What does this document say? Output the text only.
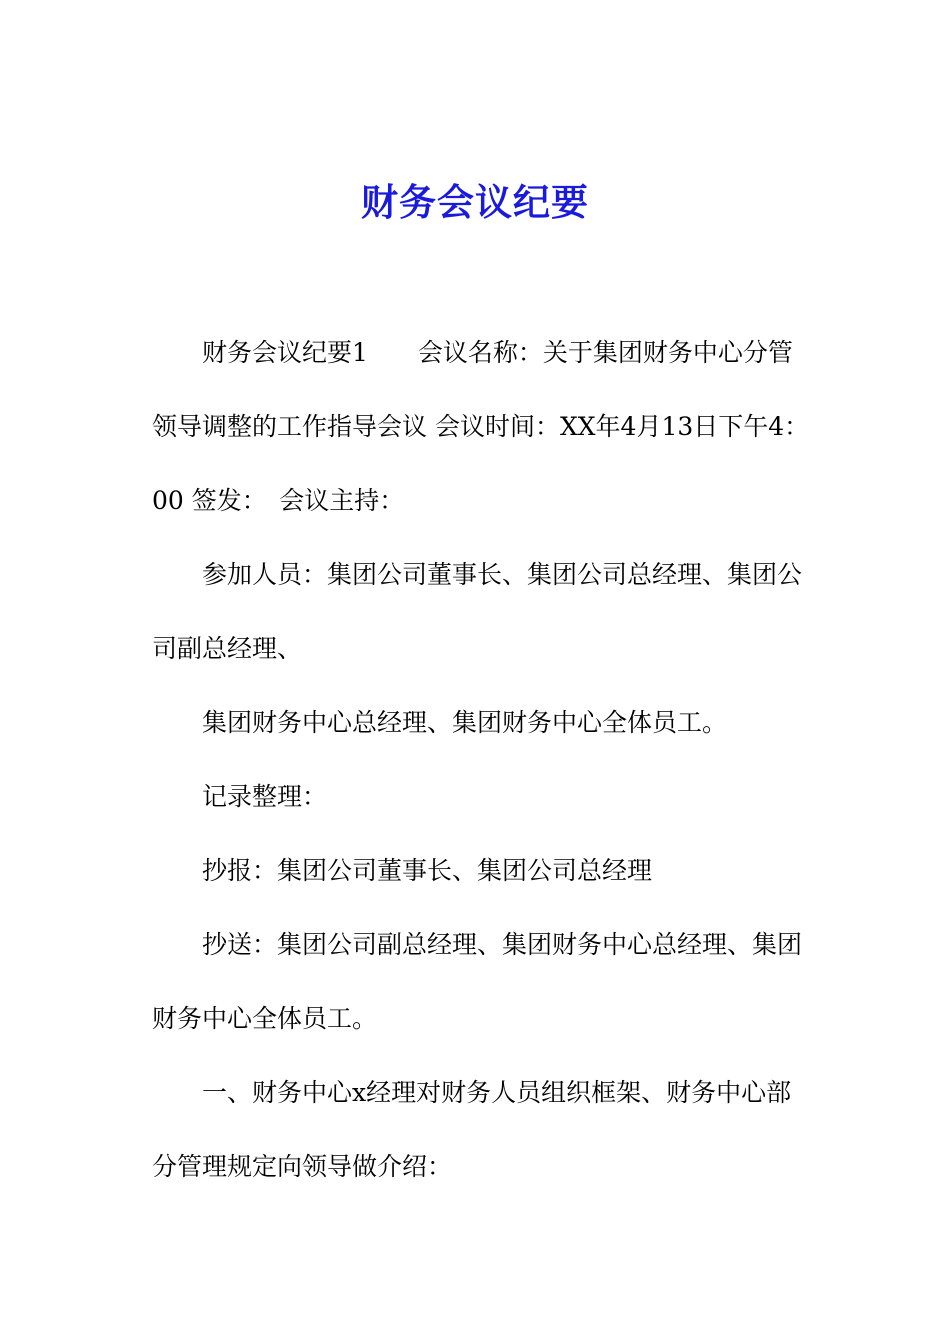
财务会议纪要

财务会议纪要1　　会议名称：关于集团财务中心分管领导调整的工作指导会议 会议时间：XX年4月13日下午4：00 签发：　会议主持：

参加人员：集团公司董事长、集团公司总经理、集团公司副总经理、

集团财务中心总经理、集团财务中心全体员工。

记录整理：

抄报：集团公司董事长、集团公司总经理

抄送：集团公司副总经理、集团财务中心总经理、集团财务中心全体员工。

一、财务中心x经理对财务人员组织框架、财务中心部分管理规定向领导做介绍：
